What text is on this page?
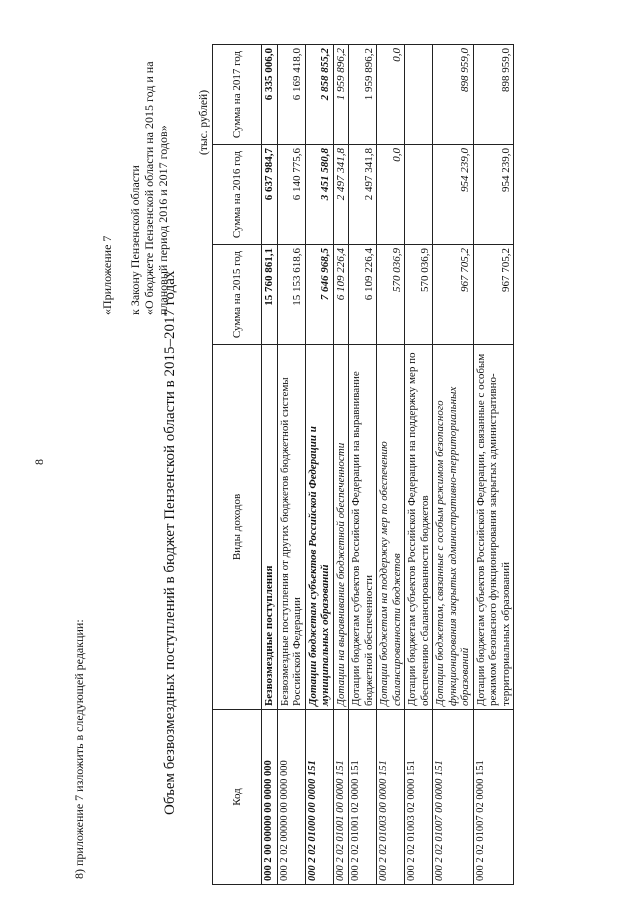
8
8) приложение 7 изложить в следующей редакции:
«Приложение 7 к Закону Пензенской области «О бюджете Пензенской области на 2015 год и на плановый период 2016 и 2017 годов»
Объем безвозмездных поступлений в бюджет Пензенской области в 2015–2017 годах
(тыс. рублей)
Код	Виды доходов	Сумма на 2015 год	Сумма на 2016 год	Сумма на 2017 год
000 2 00 00000 00 0000 000	Безвозмездные поступления	15 760 861,1	6 637 984,7	6 335 006,0
000 2 02 00000 00 0000 000	Безвозмездные поступления от других бюджетов бюджетной системы Российской Федерации	15 153 618,6	6 140 775,6	6 169 418,0
000 2 02 01000 00 0000 151	Дотации бюджетам субъектов Российской Федерации и муниципальных образований	7 646 968,5	3 451 580,8	2 858 855,2
000 2 02 01001 00 0000 151	Дотации на выравнивание бюджетной обеспеченности	6 109 226,4	2 497 341,8	1 959 896,2
000 2 02 01001 02 0000 151	Дотации бюджетам субъектов Российской Федерации на выравнивание бюджетной обеспеченности	6 109 226,4	2 497 341,8	1 959 896,2
000 2 02 01003 00 0000 151	Дотации бюджетам на поддержку мер по обеспечению сбалансированности бюджетов	570 036,9	0,0	0,0
000 2 02 01003 02 0000 151	Дотации бюджетам субъектов Российской Федерации на поддержку мер по обеспечению сбалансированности бюджетов	570 036,9		
000 2 02 01007 00 0000 151	Дотации бюджетам, связанные с особым режимом безопасного функционирования закрытых административно-территориальных образований	967 705,2	954 239,0	898 959,0
000 2 02 01007 02 0000 151	Дотации бюджетам субъектов Российской Федерации, связанные с особым режимом безопасного функционирования закрытых административно-территориальных образований	967 705,2	954 239,0	898 959,0
